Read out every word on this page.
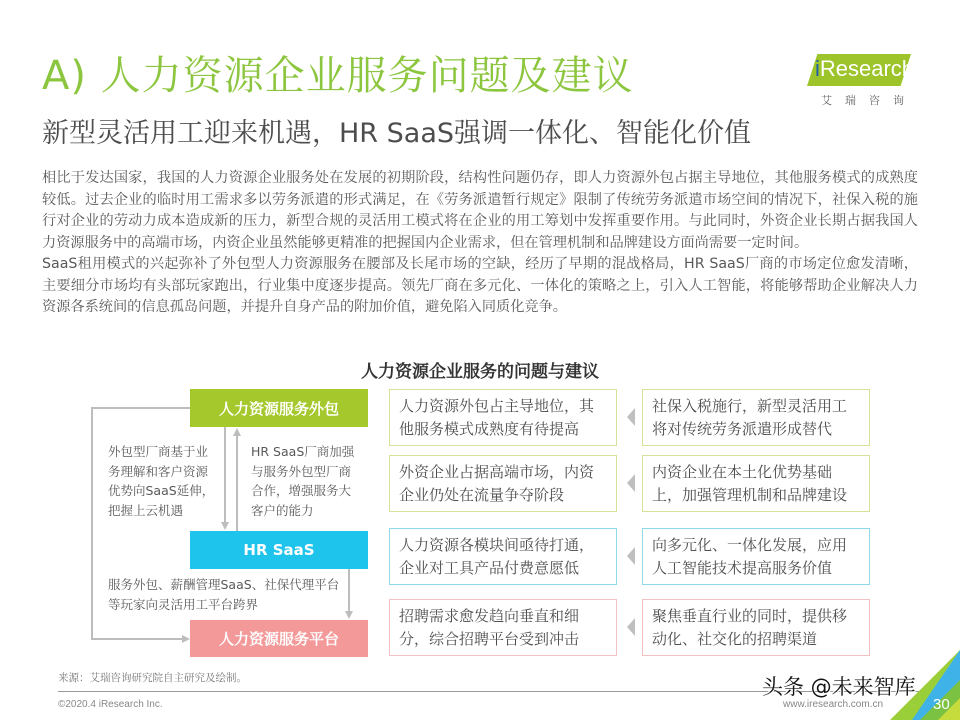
A) 人力资源企业服务问题及建议
新型灵活用工迎来机遇，HR SaaS强调一体化、智能化价值
iResearch
艾瑞咨询

相比于发达国家，我国的人力资源企业服务处在发展的初期阶段，结构性问题仍存，即人力资源外包占据主导地位，其他服务模式的成熟度较低。过去企业的临时用工需求多以劳务派遣的形式满足，在《劳务派遣暂行规定》限制了传统劳务派遣市场空间的情况下，社保入税的施行对企业的劳动力成本造成新的压力，新型合规的灵活用工模式将在企业的用工筹划中发挥重要作用。与此同时，外资企业长期占据我国人力资源服务中的高端市场，内资企业虽然能够更精准的把握国内企业需求，但在管理机制和品牌建设方面尚需要一定时间。

SaaS租用模式的兴起弥补了外包型人力资源服务在腰部及长尾市场的空缺，经历了早期的混战格局，HR SaaS厂商的市场定位愈发清晰，主要细分市场均有头部玩家跑出，行业集中度逐步提高。领先厂商在多元化、一体化的策略之上，引入人工智能，将能够帮助企业解决人力资源各系统间的信息孤岛问题，并提升自身产品的附加价值，避免陷入同质化竞争。

人力资源企业服务的问题与建议
人力资源服务外包
HR SaaS
人力资源服务平台
外包型厂商基于业务理解和客户资源优势向SaaS延伸，把握上云机遇
HR SaaS厂商加强与服务外包型厂商合作，增强服务大客户的能力
服务外包、薪酬管理SaaS、社保代理平台等玩家向灵活用工平台跨界
人力资源外包占主导地位，其他服务模式成熟度有待提高
社保入税施行，新型灵活用工将对传统劳务派遣形成替代
外资企业占据高端市场，内资企业仍处在流量争夺阶段
内资企业在本土化优势基础上，加强管理机制和品牌建设
人力资源各模块间亟待打通，企业对工具产品付费意愿低
向多元化、一体化发展，应用人工智能技术提高服务价值
招聘需求愈发趋向垂直和细分，综合招聘平台受到冲击
聚焦垂直行业的同时，提供移动化、社交化的招聘渠道
来源：艾瑞咨询研究院自主研究及绘制。
©2020.4 iResearch Inc.	www.iresearch.com.cn	30
头条 @未来智库
